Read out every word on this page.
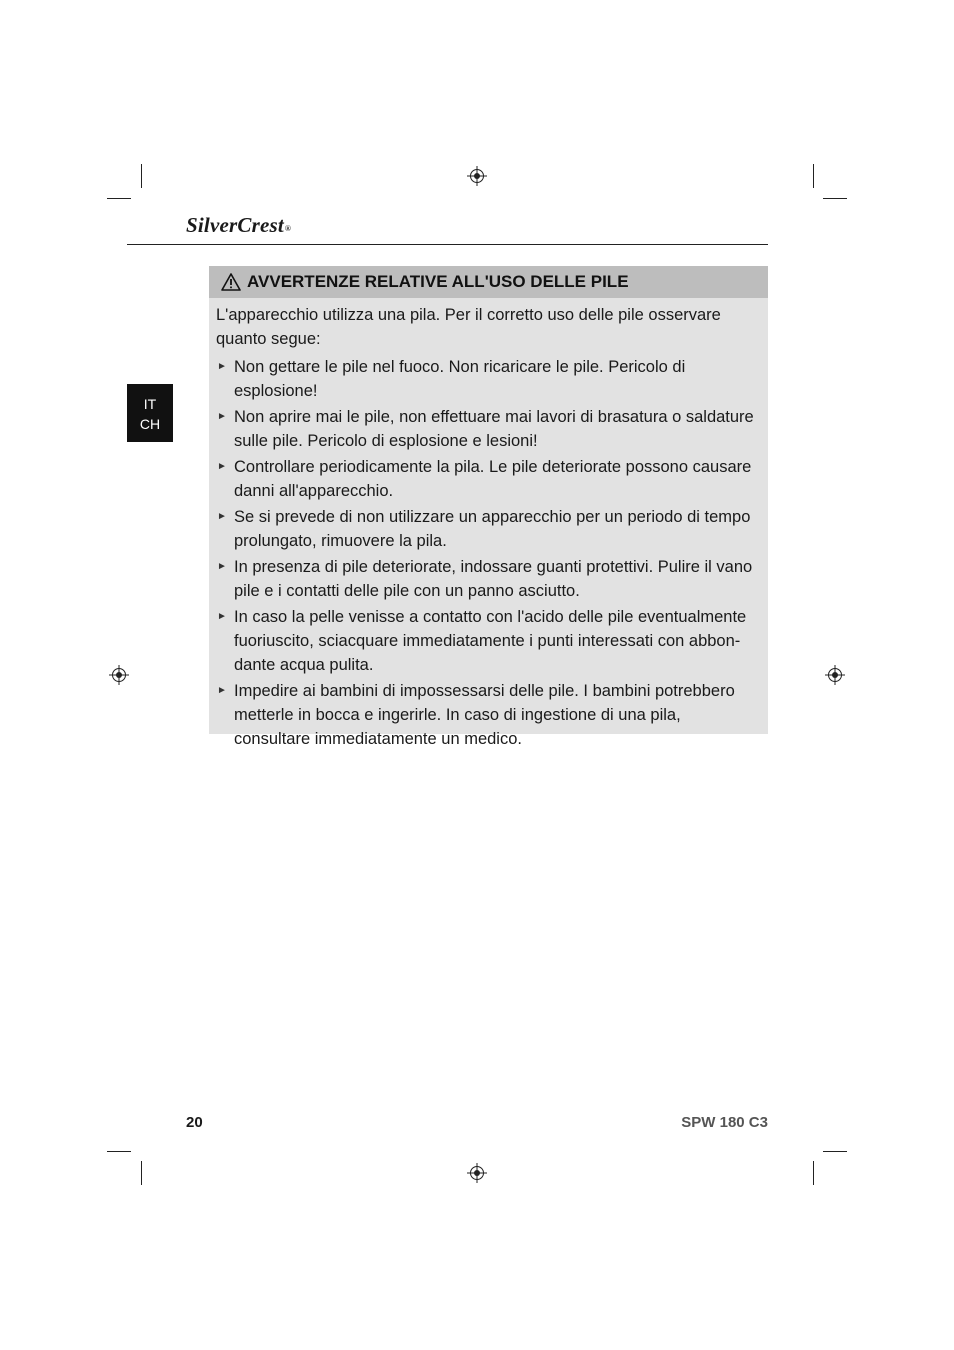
SilverCrest®
IT
CH
AVVERTENZE RELATIVE ALL'USO DELLE PILE

L'apparecchio utilizza una pila. Per il corretto uso delle pile osservare quanto segue:

► Non gettare le pile nel fuoco. Non ricaricare le pile. Pericolo di esplosione!
► Non aprire mai le pile, non effettuare mai lavori di brasatura o saldature sulle pile. Pericolo di esplosione e lesioni!
► Controllare periodicamente la pila. Le pile deteriorate possono causare danni all'apparecchio.
► Se si prevede di non utilizzare un apparecchio per un periodo di tempo prolungato, rimuovere la pila.
► In presenza di pile deteriorate, indossare guanti protettivi. Pulire il vano pile e i contatti delle pile con un panno asciutto.
► In caso la pelle venisse a contatto con l'acido delle pile eventualmente fuoriuscito, sciacquare immediatamente i punti interessati con abbon- dante acqua pulita.
► Impedire ai bambini di impossessarsi delle pile. I bambini potrebbero metterle in bocca e ingerirle. In caso di ingestione di una pila, consultare immediatamente un medico.
20	SPW 180 C3
